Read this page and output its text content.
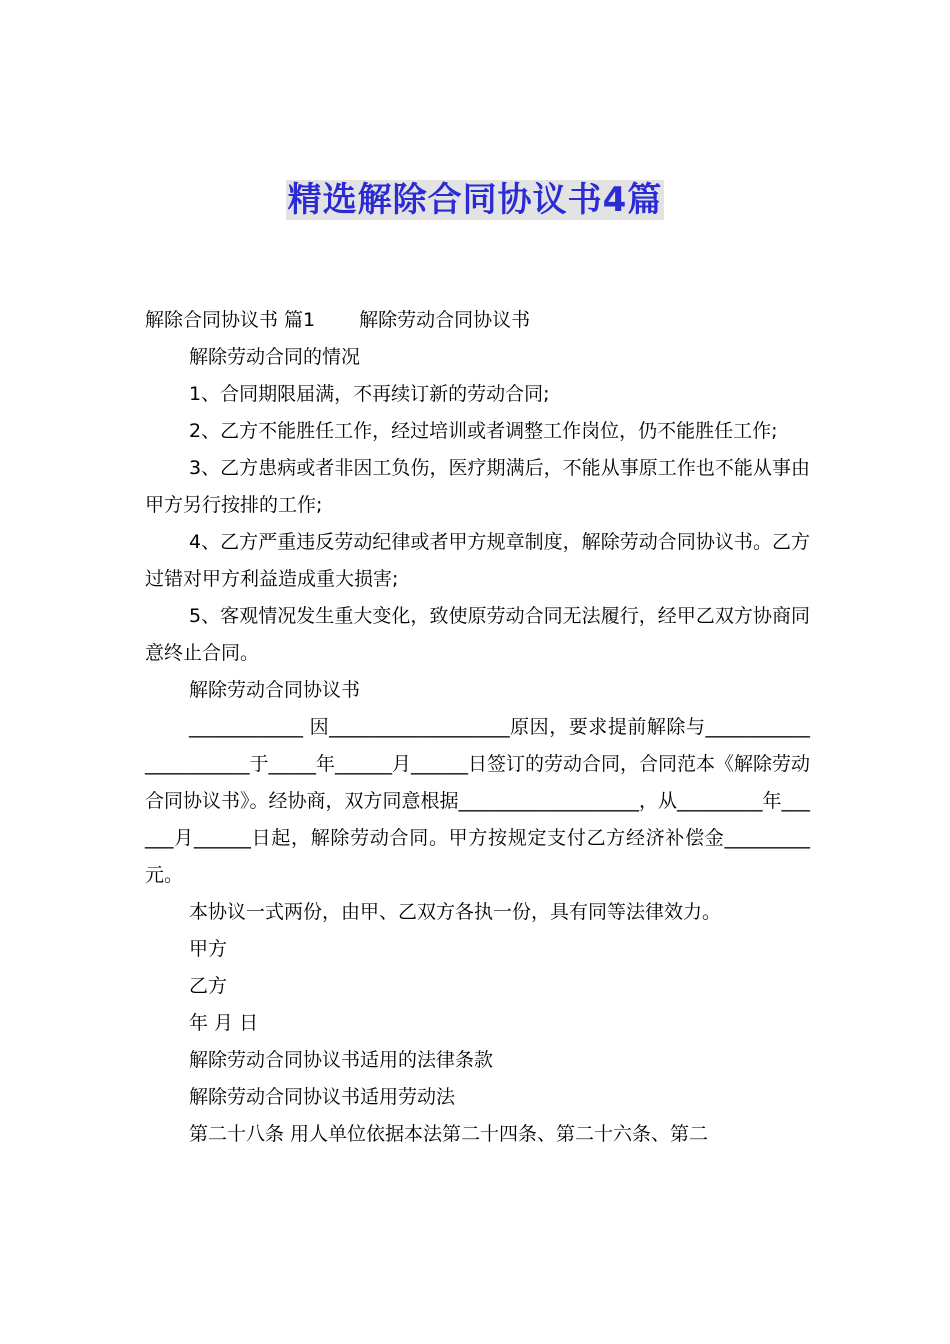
精选解除合同协议书4篇

解除合同协议书 篇1 解除劳动合同协议书

解除劳动合同的情况

1、合同期限届满，不再续订新的劳动合同;

2、乙方不能胜任工作，经过培训或者调整工作岗位，仍不能胜任工作;

3、乙方患病或者非因工负伤，医疗期满后，不能从事原工作也不能从事由甲方另行按排的工作;

4、乙方严重违反劳动纪律或者甲方规章制度，解除劳动合同协议书。乙方过错对甲方利益造成重大损害;

5、客观情况发生重大变化，致使原劳动合同无法履行，经甲乙双方协商同意终止合同。

解除劳动合同协议书

____________ 因___________________原因，要求提前解除与______________________于_____年______月______日签订的劳动合同，合同范本《解除劳动合同协议书》。经协商，双方同意根据___________________，从_________年______月______日起，解除劳动合同。甲方按规定支付乙方经济补偿金_________元。

本协议一式两份，由甲、乙双方各执一份，具有同等法律效力。

甲方

乙方

年 月 日

解除劳动合同协议书适用的法律条款

解除劳动合同协议书适用劳动法

第二十八条 用人单位依据本法第二十四条、第二十六条、第二
